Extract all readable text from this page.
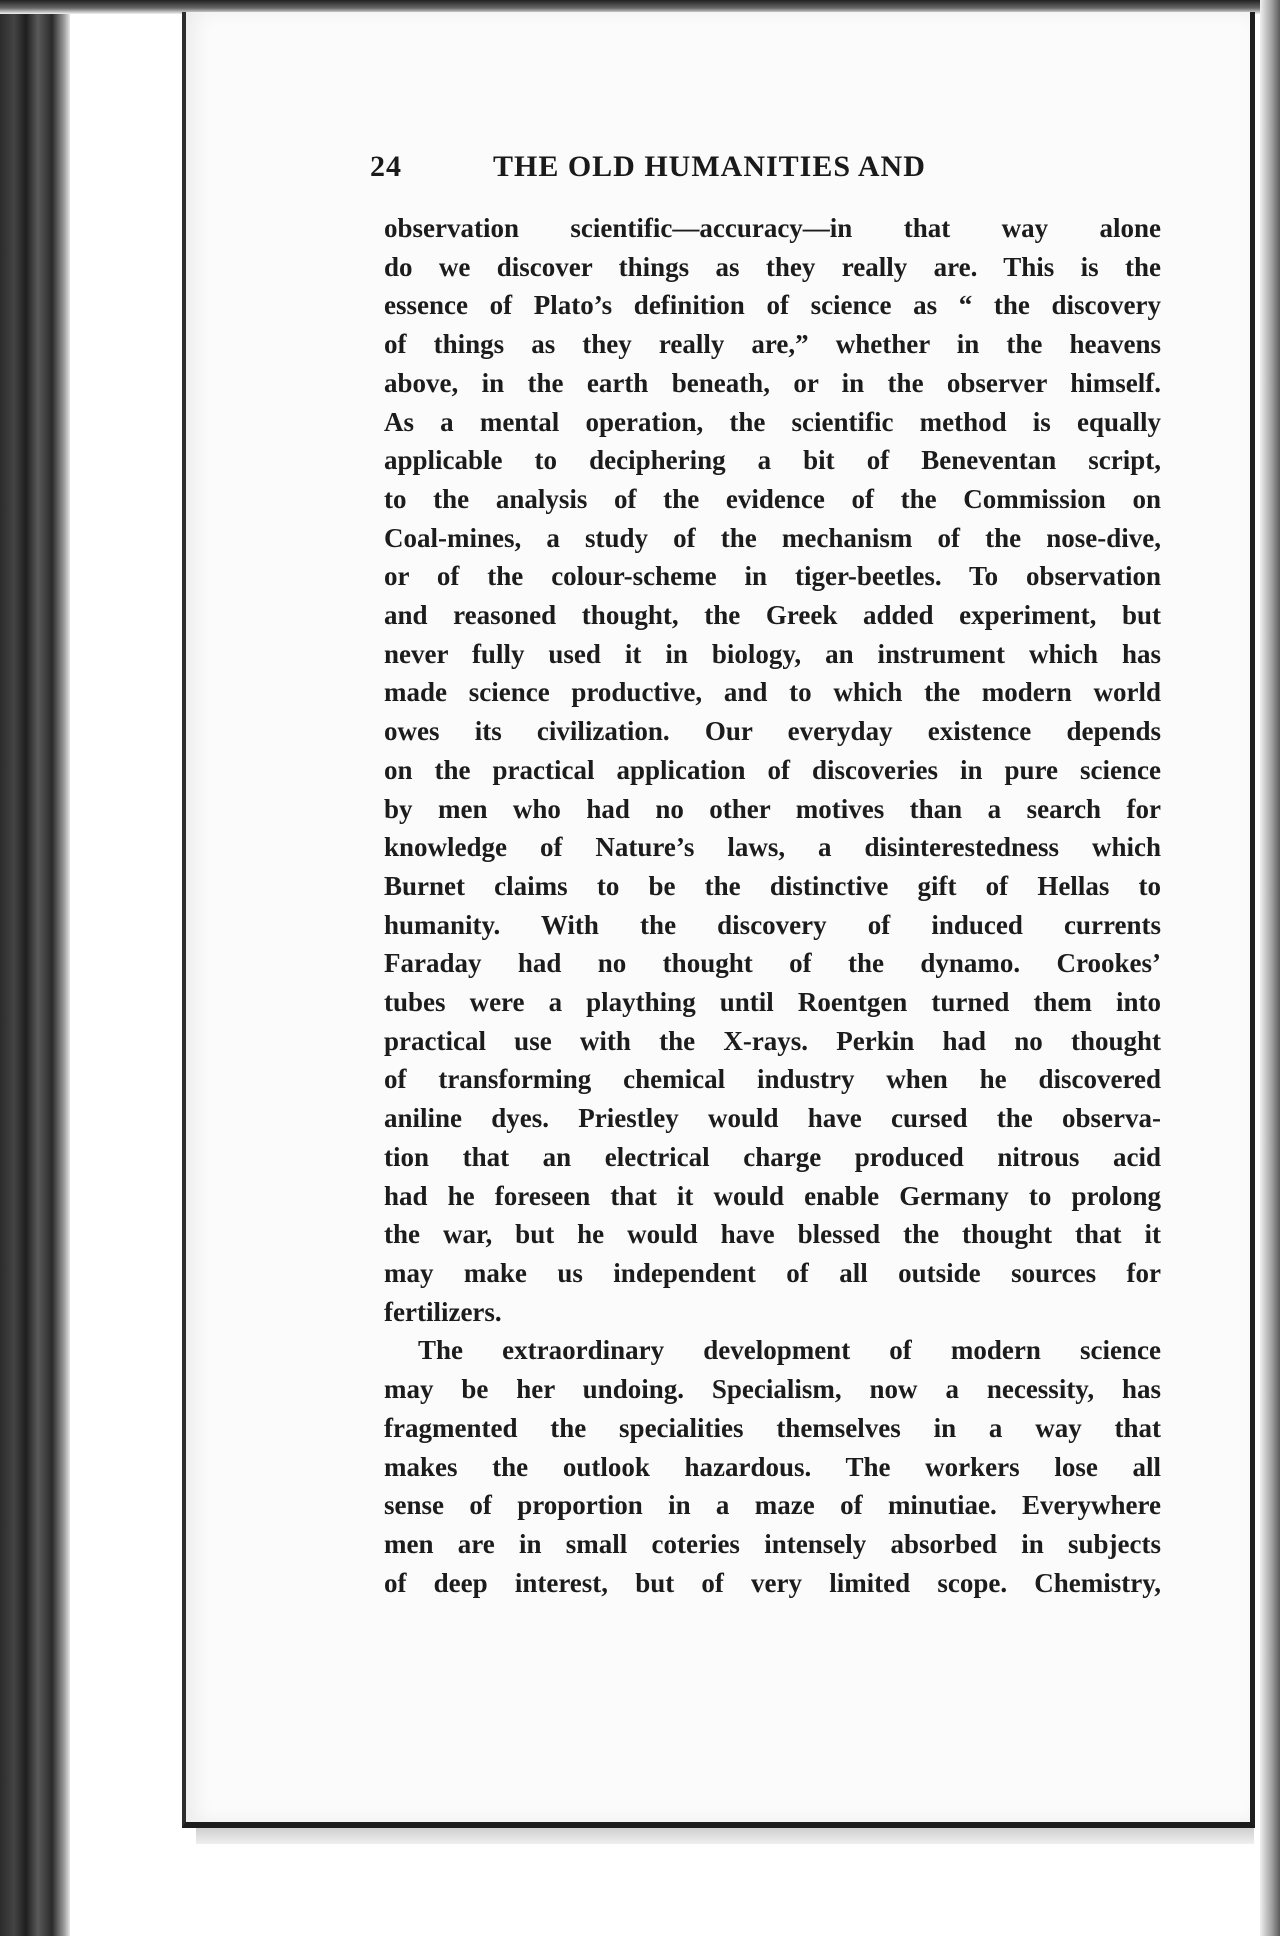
24	THE OLD HUMANITIES AND

observation scientific—accuracy—in that way alone
do we discover things as they really are. This is the
essence of Plato’s definition of science as “ the discovery
of things as they really are,” whether in the heavens
above, in the earth beneath, or in the observer himself.
As a mental operation, the scientific method is equally
applicable to deciphering a bit of Beneventan script,
to the analysis of the evidence of the Commission on
Coal-mines, a study of the mechanism of the nose-dive,
or of the colour-scheme in tiger-beetles. To observation
and reasoned thought, the Greek added experiment, but
never fully used it in biology, an instrument which has
made science productive, and to which the modern world
owes its civilization. Our everyday existence depends
on the practical application of discoveries in pure science
by men who had no other motives than a search for
knowledge of Nature’s laws, a disinterestedness which
Burnet claims to be the distinctive gift of Hellas to
humanity. With the discovery of induced currents
Faraday had no thought of the dynamo. Crookes’
tubes were a plaything until Roentgen turned them into
practical use with the X-rays. Perkin had no thought
of transforming chemical industry when he discovered
aniline dyes. Priestley would have cursed the observa-
tion that an electrical charge produced nitrous acid
had he foreseen that it would enable Germany to prolong
the war, but he would have blessed the thought that it
may make us independent of all outside sources for
fertilizers.

The extraordinary development of modern science
may be her undoing. Specialism, now a necessity, has
fragmented the specialities themselves in a way that
makes the outlook hazardous. The workers lose all
sense of proportion in a maze of minutiae. Everywhere
men are in small coteries intensely absorbed in subjects
of deep interest, but of very limited scope. Chemistry,
